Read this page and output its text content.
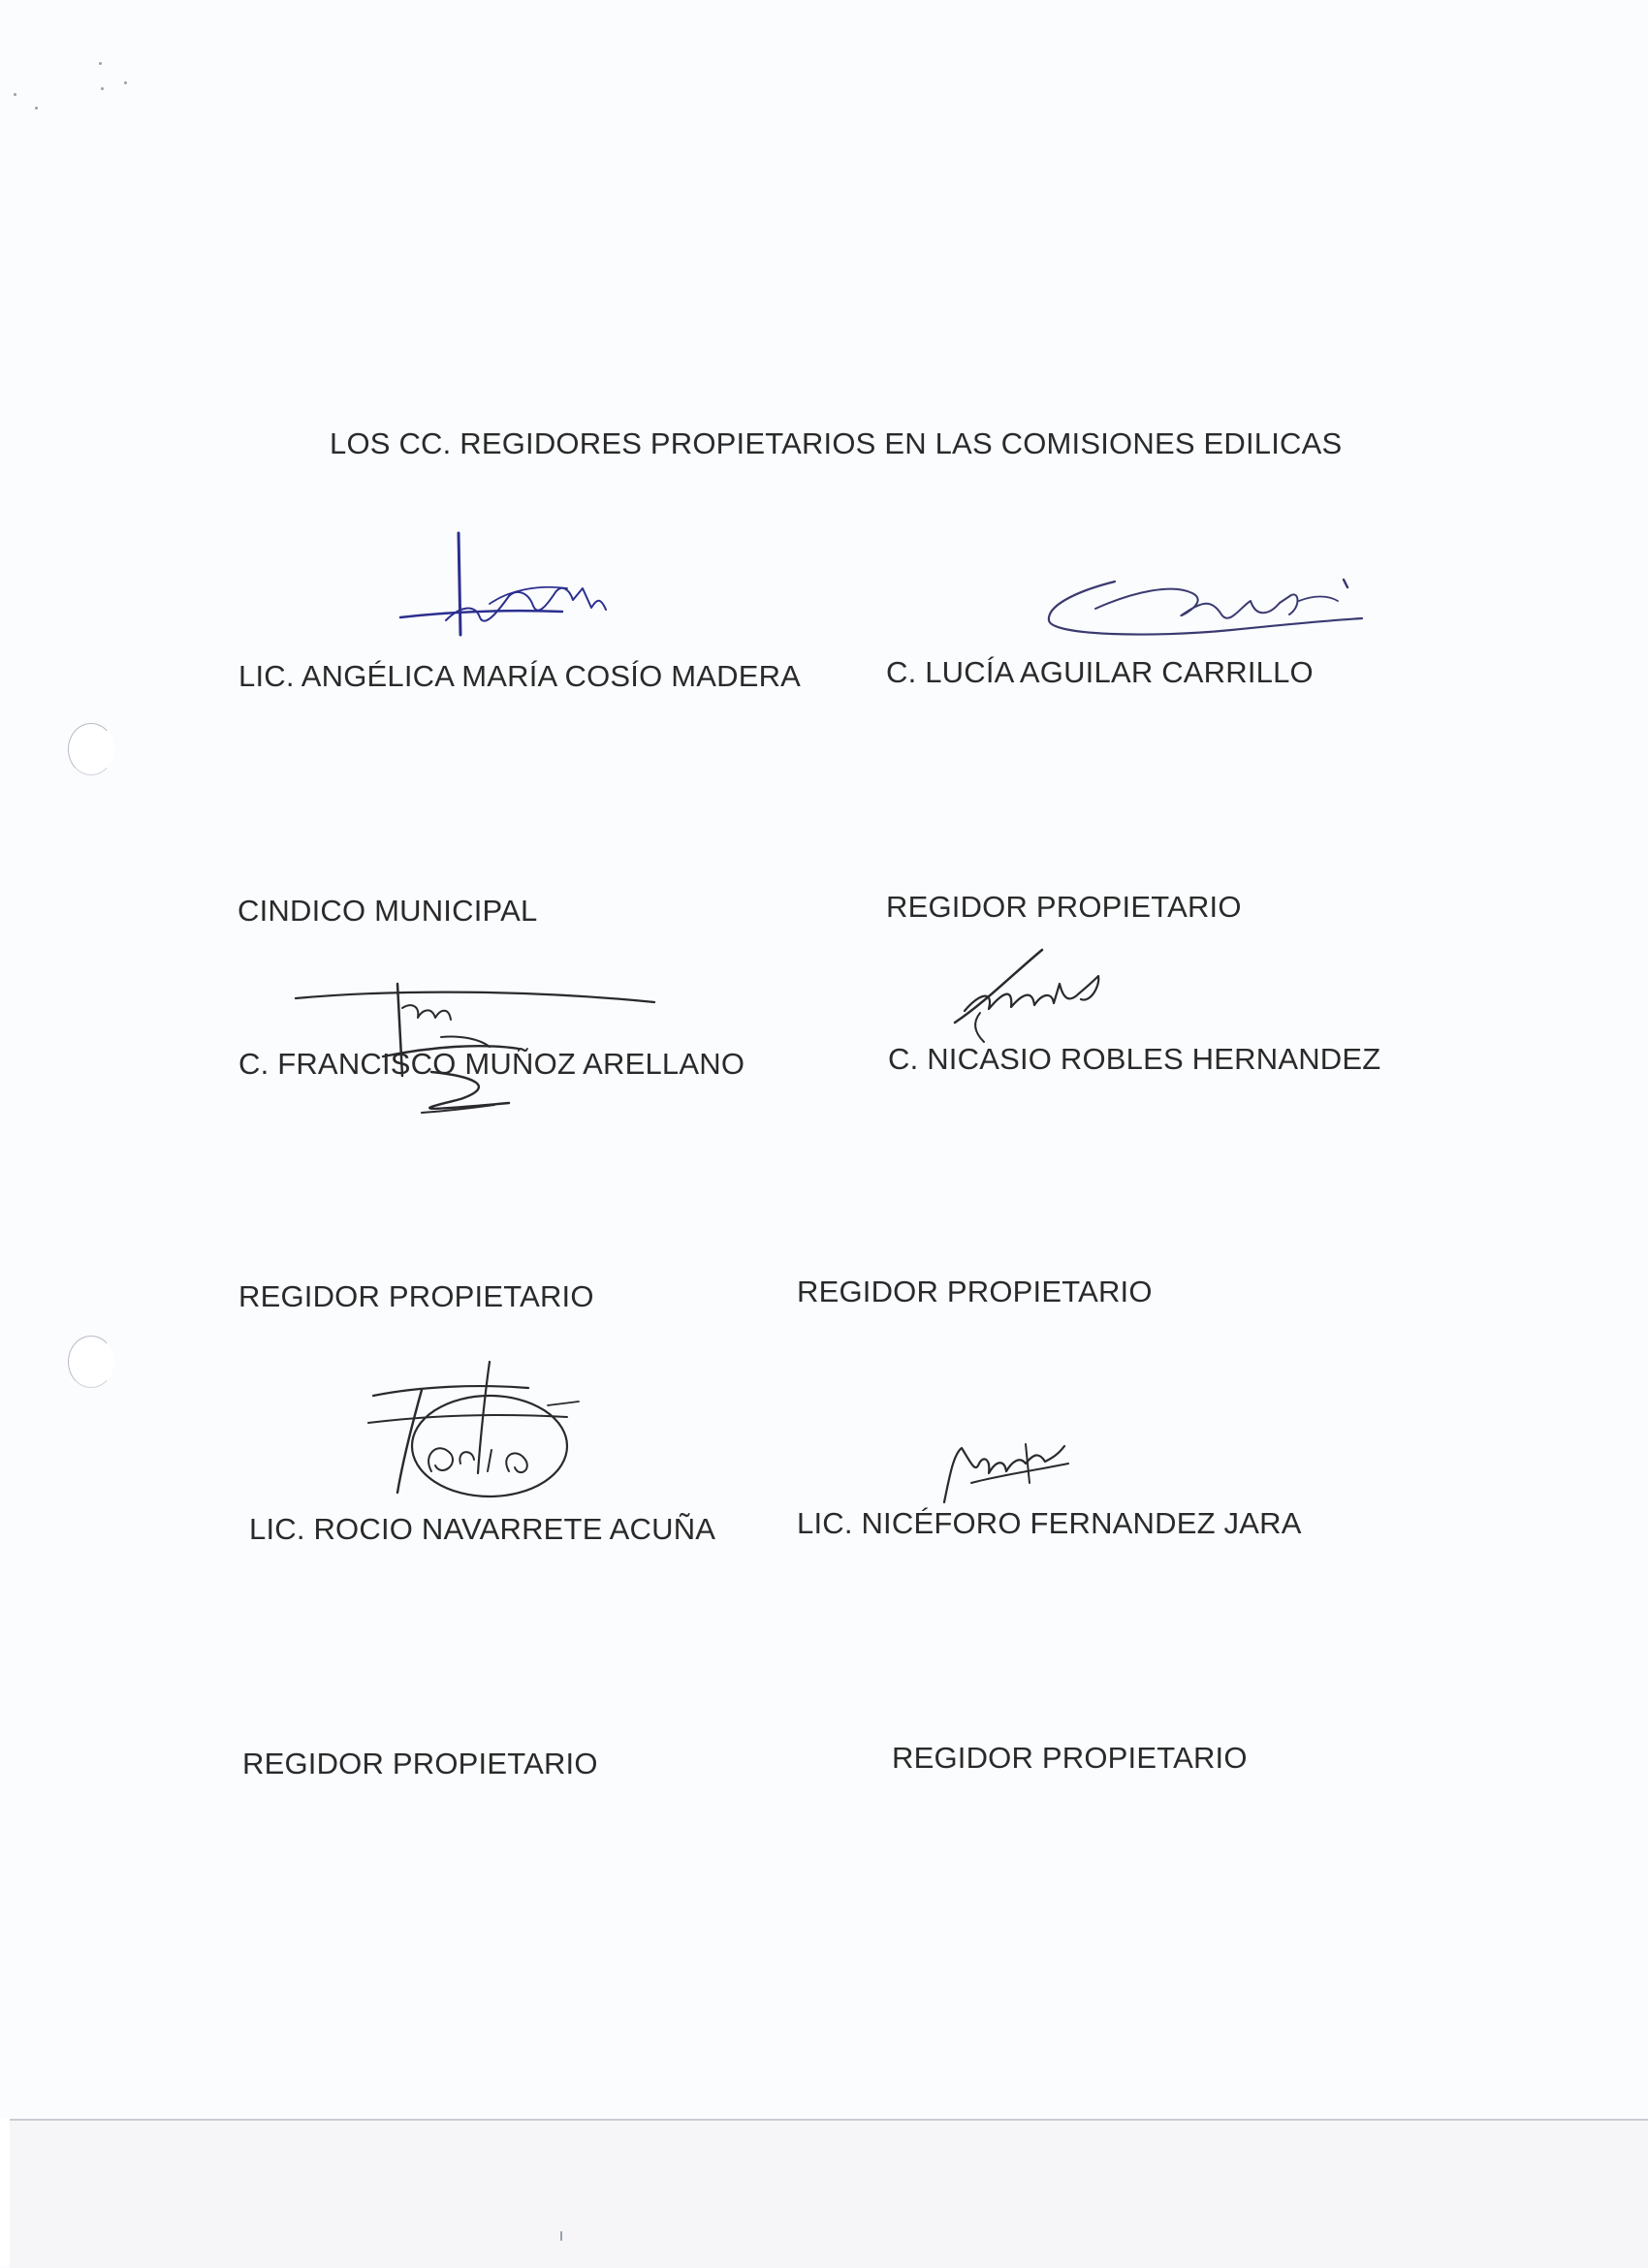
LOS CC. REGIDORES PROPIETARIOS EN LAS COMISIONES EDILICAS
LIC. ANGÉLICA MARÍA COSÍO MADERA	C. LUCÍA AGUILAR CARRILLO
CINDICO MUNICIPAL	REGIDOR PROPIETARIO
C. FRANCISCO MUÑOZ ARELLANO	C. NICASIO ROBLES HERNANDEZ
REGIDOR PROPIETARIO	REGIDOR PROPIETARIO
LIC. ROCIO NAVARRETE ACUÑA	LIC. NICÉFORO FERNANDEZ JARA
REGIDOR PROPIETARIO	REGIDOR PROPIETARIO
